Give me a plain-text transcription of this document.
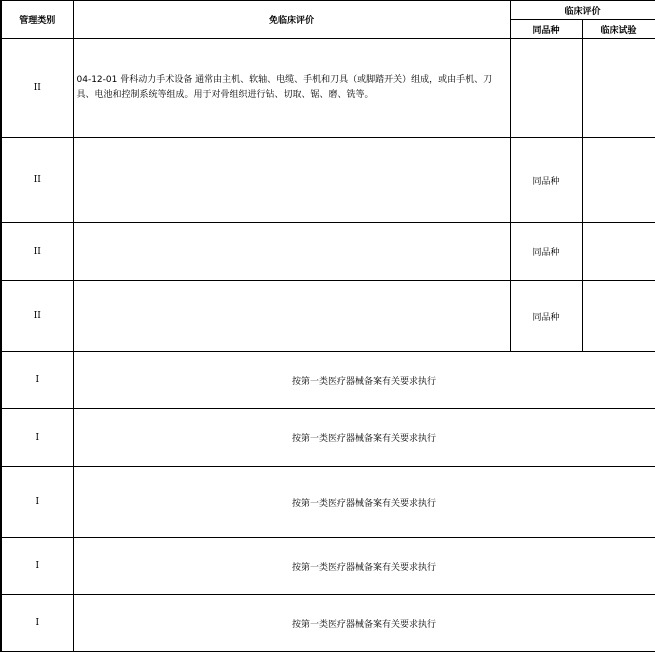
管理类别	免临床评价	临床评价	
		同品种	临床试验
II	04-12-01 骨科动力手术设备 通常由主机、软轴、电缆、手机和刀具（或脚踏开关）组成，或由手机、刀具、电池和控制系统等组成。用于对骨组织进行钻、切取、锯、磨、铣等。		
II		同品种	
II		同品种	
II		同品种	
I	按第一类医疗器械备案有关要求执行		
I	按第一类医疗器械备案有关要求执行		
I	按第一类医疗器械备案有关要求执行		
I	按第一类医疗器械备案有关要求执行		
I	按第一类医疗器械备案有关要求执行		
